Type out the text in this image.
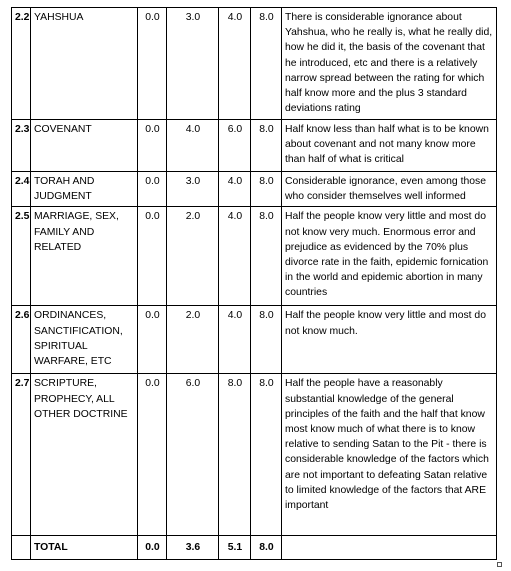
2.2	YAHSHUA	0.0	3.0	4.0	8.0	There is considerable ignorance about Yahshua, who he really is, what he really did, how he did it, the basis of the covenant that he introduced, etc and there is a relatively narrow spread between the rating for which half know more and the plus 3 standard deviations rating
2.3	COVENANT	0.0	4.0	6.0	8.0	Half know less than half what is to be known about covenant and not many know more than half of what is critical
2.4	TORAH AND JUDGMENT	0.0	3.0	4.0	8.0	Considerable ignorance, even among those who consider themselves well informed
2.5	MARRIAGE, SEX, FAMILY AND RELATED	0.0	2.0	4.0	8.0	Half the people know very little and most do not know very much. Enormous error and prejudice as evidenced by the 70% plus divorce rate in the faith, epidemic fornication in the world and epidemic abortion in many countries
2.6	ORDINANCES, SANCTIFICATION, SPIRITUAL WARFARE, ETC	0.0	2.0	4.0	8.0	Half the people know very little and most do not know much.
2.7	SCRIPTURE, PROPHECY, ALL OTHER DOCTRINE	0.0	6.0	8.0	8.0	Half the people have a reasonably substantial knowledge of the general principles of the faith and the half that know most know much of what there is to know relative to sending Satan to the Pit - there is considerable knowledge of the factors which are not important to defeating Satan relative to limited knowledge of the factors that ARE important
	TOTAL	0.0	3.6	5.1	8.0	
